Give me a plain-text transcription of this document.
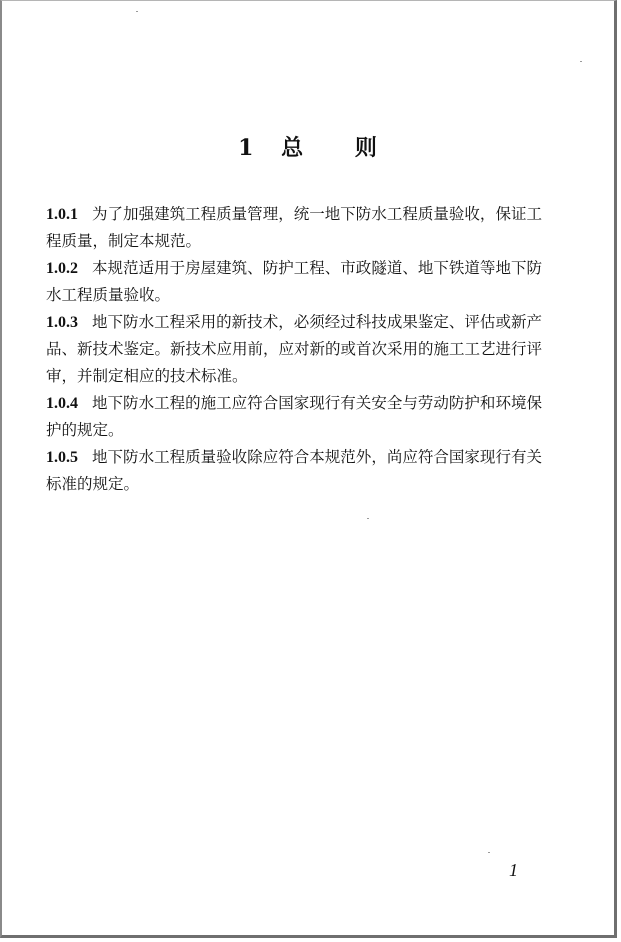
1 总 则

1.0.1 为了加强建筑工程质量管理，统一地下防水工程质量验收，保证工程质量，制定本规范。

1.0.2 本规范适用于房屋建筑、防护工程、市政隧道、地下铁道等地下防水工程质量验收。

1.0.3 地下防水工程采用的新技术，必须经过科技成果鉴定、评估或新产品、新技术鉴定。新技术应用前，应对新的或首次采用的施工工艺进行评审，并制定相应的技术标准。

1.0.4 地下防水工程的施工应符合国家现行有关安全与劳动防护和环境保护的规定。

1.0.5 地下防水工程质量验收除应符合本规范外，尚应符合国家现行有关标准的规定。

1
